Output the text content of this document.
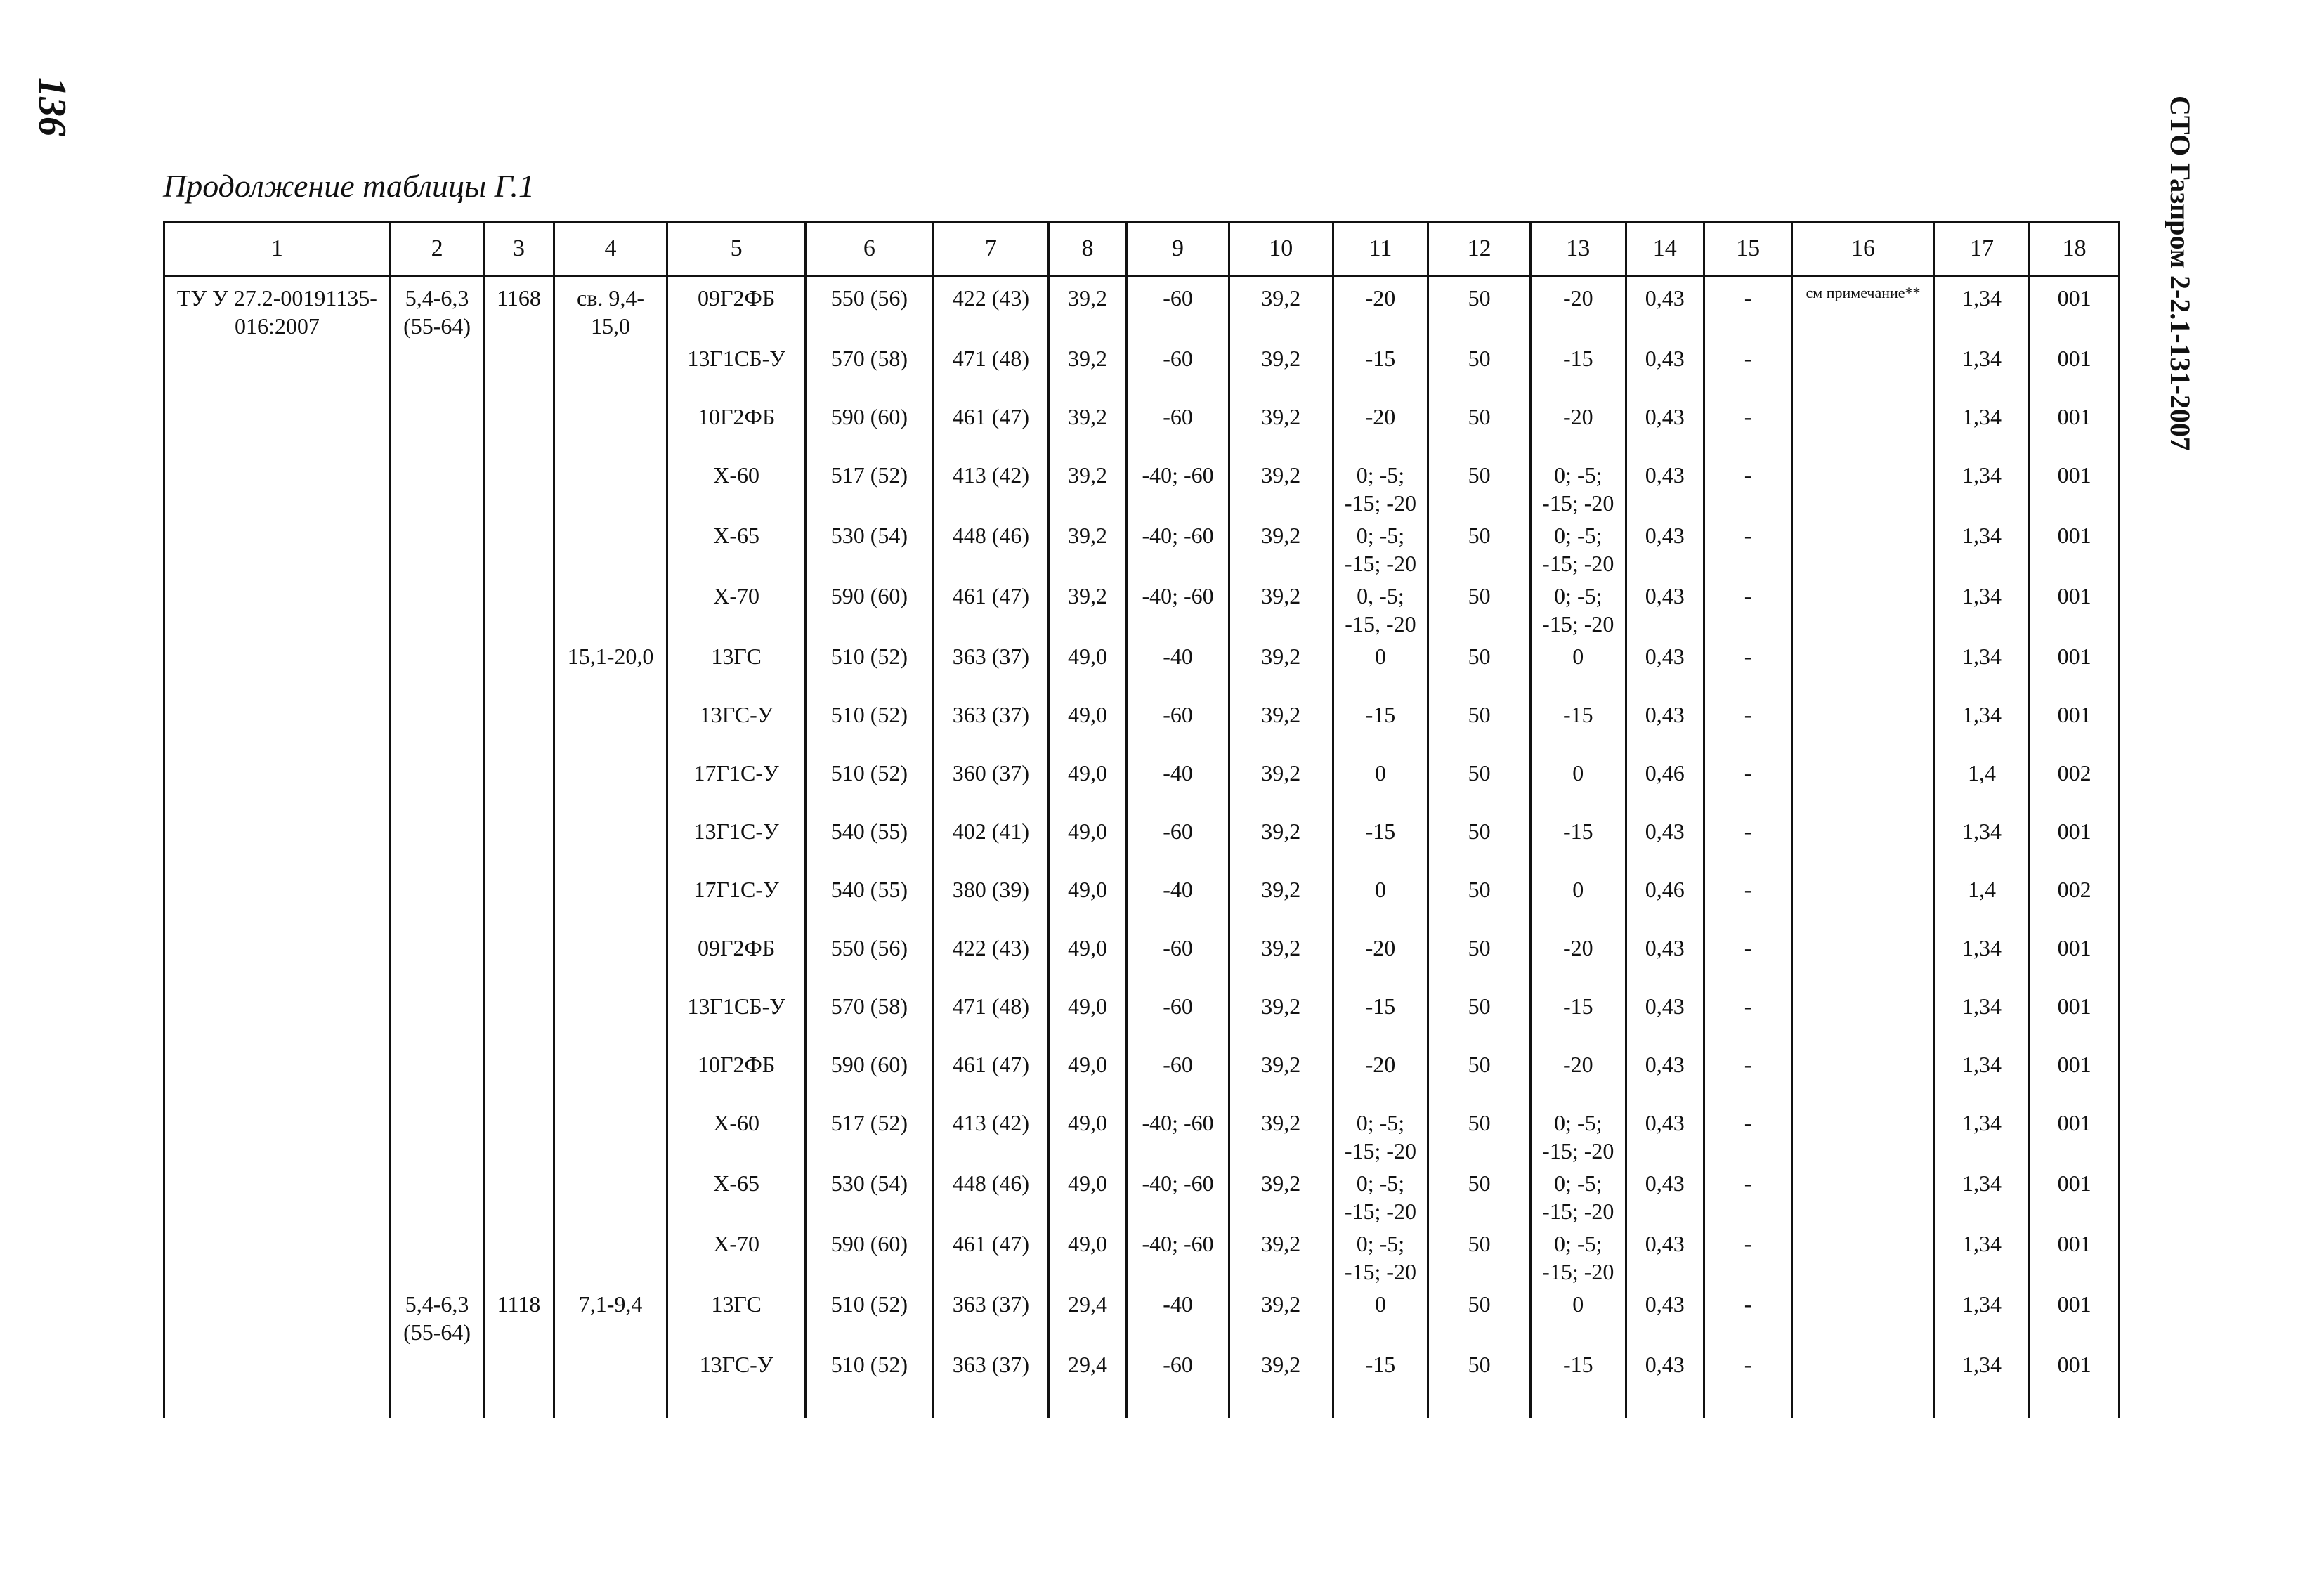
136	СТО Газпром 2-2.1-131-2007
Продолжение таблицы Г.1
1	2	3	4	5	6	7	8	9	10	11	12	13	14	15	16	17	18
ТУ У 27.2-00191135-016:2007	5,4-6,3 (55-64)	1168	св. 9,4-15,0	09Г2ФБ	550 (56)	422 (43)	39,2	-60	39,2	-20	50	-20	0,43	-	см примечание**	1,34	001
				13Г1СБ-У	570 (58)	471 (48)	39,2	-60	39,2	-15	50	-15	0,43	-		1,34	001
				10Г2ФБ	590 (60)	461 (47)	39,2	-60	39,2	-20	50	-20	0,43	-		1,34	001
				X-60	517 (52)	413 (42)	39,2	-40; -60	39,2	0; -5; -15; -20	50	0; -5; -15; -20	0,43	-		1,34	001
				X-65	530 (54)	448 (46)	39,2	-40; -60	39,2	0; -5; -15; -20	50	0; -5; -15; -20	0,43	-		1,34	001
				X-70	590 (60)	461 (47)	39,2	-40; -60	39,2	0, -5; -15, -20	50	0; -5; -15; -20	0,43	-		1,34	001
			15,1-20,0	13ГС	510 (52)	363 (37)	49,0	-40	39,2	0	50	0	0,43	-		1,34	001
				13ГС-У	510 (52)	363 (37)	49,0	-60	39,2	-15	50	-15	0,43	-		1,34	001
				17Г1С-У	510 (52)	360 (37)	49,0	-40	39,2	0	50	0	0,46	-		1,4	002
				13Г1С-У	540 (55)	402 (41)	49,0	-60	39,2	-15	50	-15	0,43	-		1,34	001
				17Г1С-У	540 (55)	380 (39)	49,0	-40	39,2	0	50	0	0,46	-		1,4	002
				09Г2ФБ	550 (56)	422 (43)	49,0	-60	39,2	-20	50	-20	0,43	-		1,34	001
				13Г1СБ-У	570 (58)	471 (48)	49,0	-60	39,2	-15	50	-15	0,43	-		1,34	001
				10Г2ФБ	590 (60)	461 (47)	49,0	-60	39,2	-20	50	-20	0,43	-		1,34	001
				X-60	517 (52)	413 (42)	49,0	-40; -60	39,2	0; -5; -15; -20	50	0; -5; -15; -20	0,43	-		1,34	001
				X-65	530 (54)	448 (46)	49,0	-40; -60	39,2	0; -5; -15; -20	50	0; -5; -15; -20	0,43	-		1,34	001
				X-70	590 (60)	461 (47)	49,0	-40; -60	39,2	0; -5; -15; -20	50	0; -5; -15; -20	0,43	-		1,34	001
	5,4-6,3 (55-64)	1118	7,1-9,4	13ГС	510 (52)	363 (37)	29,4	-40	39,2	0	50	0	0,43	-		1,34	001
				13ГС-У	510 (52)	363 (37)	29,4	-60	39,2	-15	50	-15	0,43	-		1,34	001
